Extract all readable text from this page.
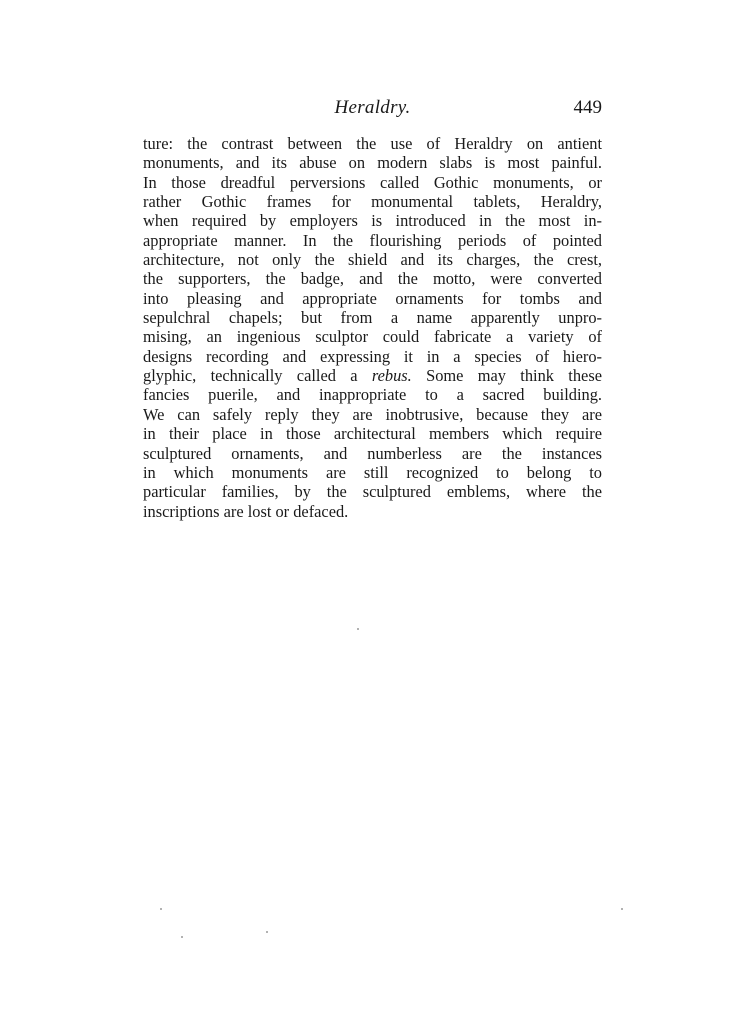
Heraldry.	449
ture: the contrast between the use of Heraldry on antient
monuments, and its abuse on modern slabs is most painful.
In those dreadful perversions called Gothic monuments, or
rather Gothic frames for monumental tablets, Heraldry,
when required by employers is introduced in the most in-
appropriate manner. In the flourishing periods of pointed
architecture, not only the shield and its charges, the crest,
the supporters, the badge, and the motto, were converted
into pleasing and appropriate ornaments for tombs and
sepulchral chapels; but from a name apparently unpro-
mising, an ingenious sculptor could fabricate a variety of
designs recording and expressing it in a species of hiero-
glyphic, technically called a rebus. Some may think these
fancies puerile, and inappropriate to a sacred building.
We can safely reply they are inobtrusive, because they are
in their place in those architectural members which require
sculptured ornaments, and numberless are the instances
in which monuments are still recognized to belong to
particular families, by the sculptured emblems, where the
inscriptions are lost or defaced.
